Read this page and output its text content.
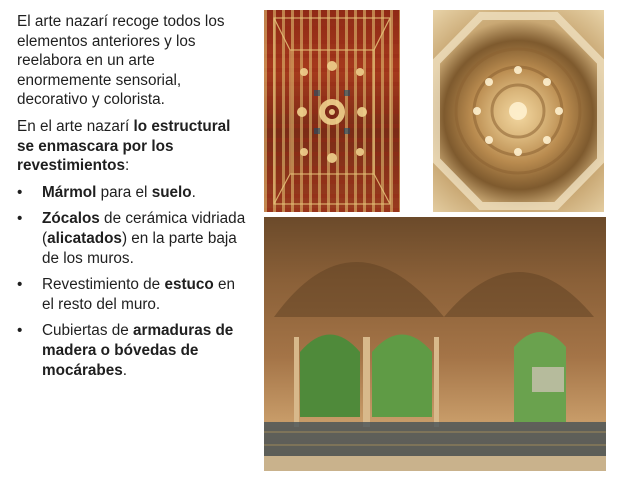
El arte nazarí recoge todos los elementos anteriores y los reelabora en un arte enormemente sensorial, decorativo y colorista.

En el arte nazarí lo estructural se enmascara por los revestimientos:

• Mármol para el suelo.
• Zócalos de cerámica vidriada (alicatados) en la parte baja de los muros.
• Revestimiento de estuco en el resto del muro.
• Cubiertas de armaduras de madera o bóvedas de mocárabes.
